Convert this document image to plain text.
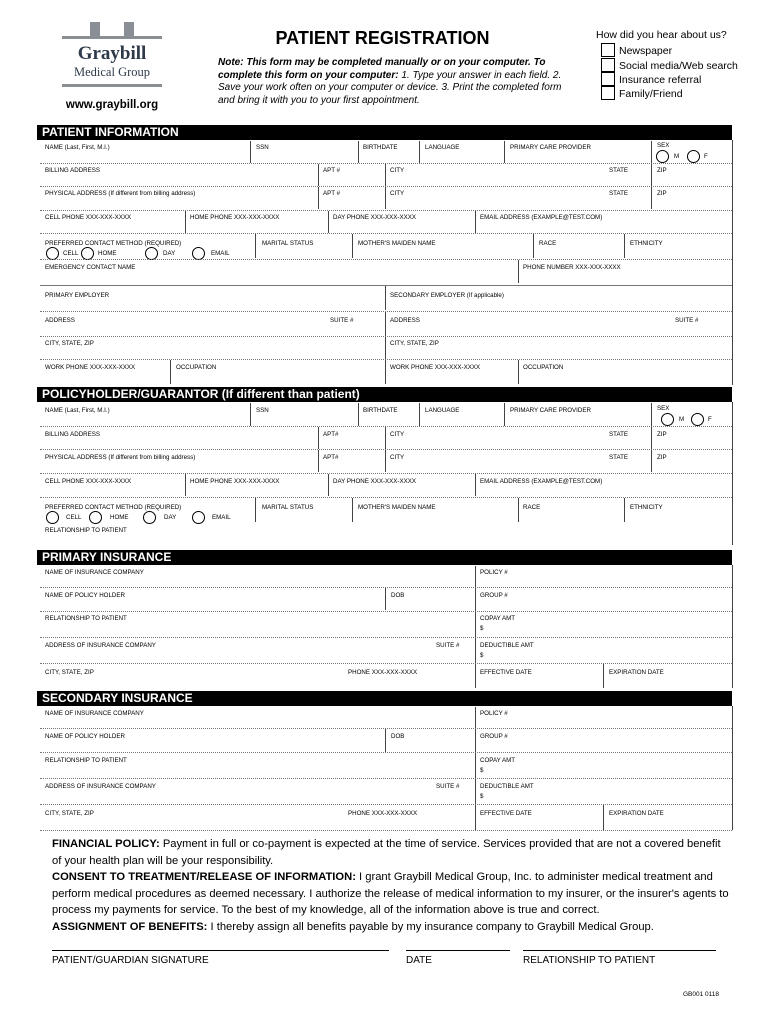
Graybill
Medical Group
www.graybill.org
PATIENT REGISTRATION
Note: This form may be completed manually or on your computer. To complete this form on your computer: 1. Type your answer in each field. 2. Save your work often on your computer or device. 3. Print the completed form and bring it with you to your first appointment.
How did you hear about us?
Newspaper
Social media/Web search
Insurance referral
Family/Friend
PATIENT INFORMATION
NAME (Last, First, M.I.)	SSN	BIRTHDATE	LANGUAGE	PRIMARY CARE PROVIDER	SEX
M	F
BILLING ADDRESS	APT #	CITY	STATE	ZIP
PHYSICAL ADDRESS (If different from billing address)	APT #	CITY	STATE	ZIP
CELL PHONE XXX-XXX-XXXX	HOME PHONE XXX-XXX-XXXX	DAY PHONE XXX-XXX-XXXX	EMAIL ADDRESS (EXAMPLE@TEST.COM)
PREFERRED CONTACT METHOD (REQUIRED)
CELL	HOME	DAY	EMAIL
MARITAL STATUS	MOTHER'S MAIDEN NAME	RACE	ETHNICITY
EMERGENCY CONTACT NAME	PHONE NUMBER XXX-XXX-XXXX
PRIMARY EMPLOYER	SECONDARY EMPLOYER (If applicable)
ADDRESS	SUITE #	ADDRESS	SUITE #
CITY, STATE, ZIP	CITY, STATE, ZIP
WORK PHONE XXX-XXX-XXXX	OCCUPATION	WORK PHONE XXX-XXX-XXXX	OCCUPATION
POLICYHOLDER/GUARANTOR (If different than patient)
NAME (Last, First, M.I.)	SSN	BIRTHDATE	LANGUAGE	PRIMARY CARE PROVIDER	SEX
M	F
BILLING ADDRESS	APT#	CITY	STATE	ZIP
PHYSICAL ADDRESS (If different from billing address)	APT#	CITY	STATE	ZIP
CELL PHONE XXX-XXX-XXXX	HOME PHONE XXX-XXX-XXXX	DAY PHONE XXX-XXX-XXXX	EMAIL ADDRESS (EXAMPLE@TEST.COM)
PREFERRED CONTACT METHOD (REQUIRED)
CELL	HOME	DAY	EMAIL
MARITAL STATUS	MOTHER'S MAIDEN NAME	RACE	ETHNICITY
RELATIONSHIP TO PATIENT
PRIMARY INSURANCE
NAME OF INSURANCE COMPANY	POLICY #
NAME OF POLICY HOLDER	DOB	GROUP #
RELATIONSHIP TO PATIENT	COPAY AMT
$
ADDRESS OF INSURANCE COMPANY	SUITE #	DEDUCTIBLE AMT
$
CITY, STATE, ZIP	PHONE XXX-XXX-XXXX	EFFECTIVE DATE	EXPIRATION DATE
SECONDARY INSURANCE
NAME OF INSURANCE COMPANY	POLICY #
NAME OF POLICY HOLDER	DOB	GROUP #
RELATIONSHIP TO PATIENT	COPAY AMT
$
ADDRESS OF INSURANCE COMPANY	SUITE #	DEDUCTIBLE AMT
$
CITY, STATE, ZIP	PHONE XXX-XXX-XXXX	EFFECTIVE DATE	EXPIRATION DATE
FINANCIAL POLICY: Payment in full or co-payment is expected at the time of service. Services provided that are not a covered benefit of your health plan will be your responsibility.
CONSENT TO TREATMENT/RELEASE OF INFORMATION: I grant Graybill Medical Group, Inc. to administer medical treatment and perform medical procedures as deemed necessary. I authorize the release of medical information to my insurer, or the insurer's agents to process my payments for service. To the best of my knowledge, all of the information above is true and correct.
ASSIGNMENT OF BENEFITS: I thereby assign all benefits payable by my insurance company to Graybill Medical Group.
PATIENT/GUARDIAN SIGNATURE	DATE	RELATIONSHIP TO PATIENT
GB001 0118
